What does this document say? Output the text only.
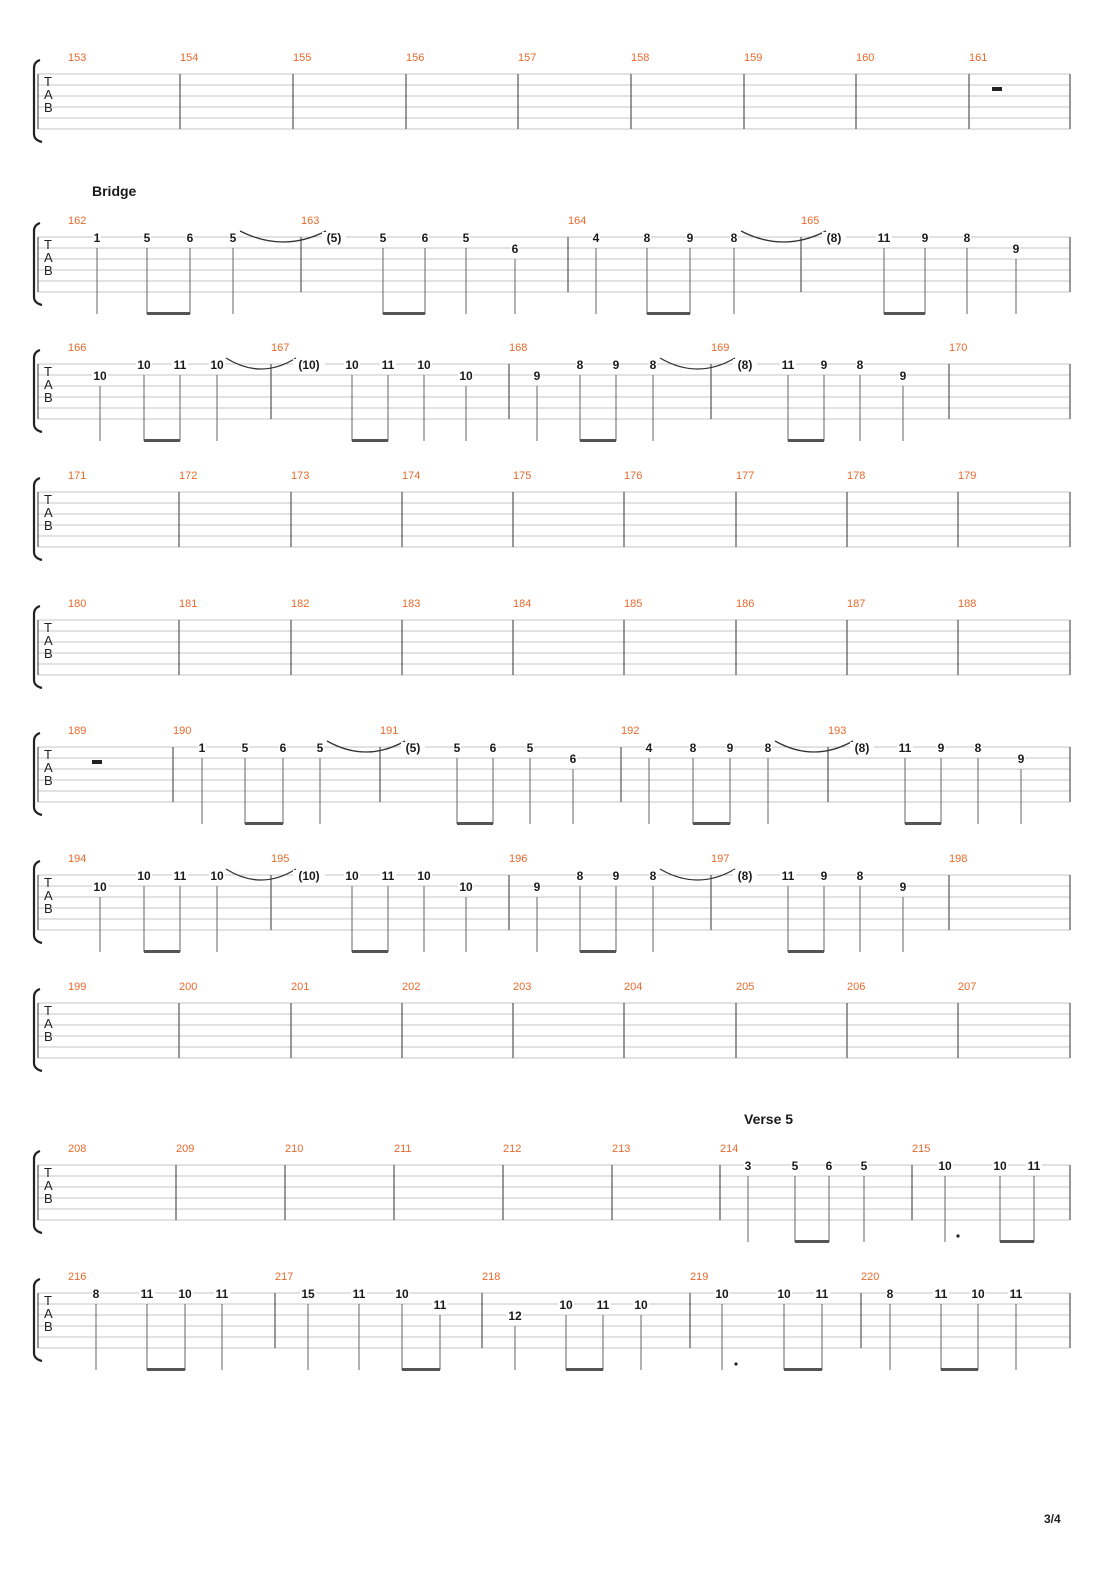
T
A
B
153	154	155	156	157	158	159	160	161
T
A
B
162	163	164	165
Bridge
1	5	6	5	(5)	5	6	5
6
4	8	9	8	(8)	11	9	8
9
T
A
B
166	167	168	169	170
10
10 11 10	(10) 10 11 10
10	9
8 9	8	(8) 11 9 8
9
T
A
B
171	172	173	174	175	176	177	178	179
T
A
B
180	181	182	183	184	185	186	187	188
T
A
B
189	190	191	192	193
1	5	6	5	(5)	5 6	5
6
4	8	9	8	(8) 11 9	8
9
T
A
B
194	195	196	197	198
10
10 11 10	(10) 10 11 10
10	9
8 9	8	(8) 11 9 8
9
T
A
B
199	200	201	202	203	204	205	206	207
T
A
B
208	209	210	211	212	213	214	215
Verse 5
3	5 6 5	10	10 11
T
A
B
216	217	218	219	220
8	11 10 11	15	11 10
11
12
10 11 10
10	10 11	8	11 10 11
3/4
